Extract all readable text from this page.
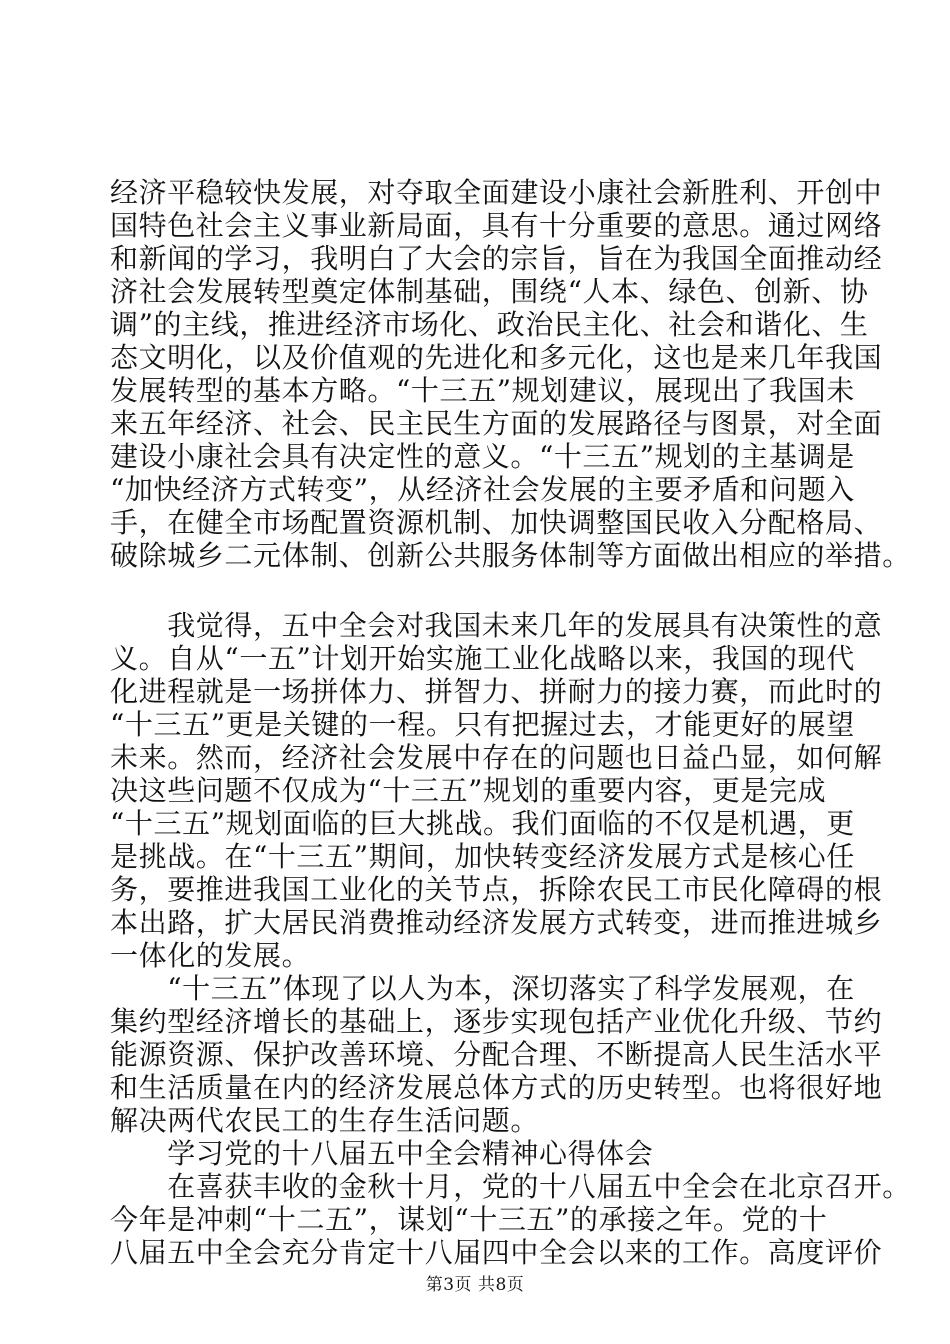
经济平稳较快发展，对夺取全面建设小康社会新胜利、开创中
国特色社会主义事业新局面，具有十分重要的意思。通过网络
和新闻的学习，我明白了大会的宗旨，旨在为我国全面推动经
济社会发展转型奠定体制基础，围绕“人本、绿色、创新、协
调”的主线，推进经济市场化、政治民主化、社会和谐化、生
态文明化，以及价值观的先进化和多元化，这也是来几年我国
发展转型的基本方略。“十三五”规划建议，展现出了我国未
来五年经济、社会、民主民生方面的发展路径与图景，对全面
建设小康社会具有决定性的意义。“十三五”规划的主基调是
“加快经济方式转变”，从经济社会发展的主要矛盾和问题入
手，在健全市场配置资源机制、加快调整国民收入分配格局、
破除城乡二元体制、创新公共服务体制等方面做出相应的举措。
　　我觉得，五中全会对我国未来几年的发展具有决策性的意
义。自从“一五”计划开始实施工业化战略以来，我国的现代
化进程就是一场拼体力、拼智力、拼耐力的接力赛，而此时的
“十三五”更是关键的一程。只有把握过去，才能更好的展望
未来。然而，经济社会发展中存在的问题也日益凸显，如何解
决这些问题不仅成为“十三五”规划的重要内容，更是完成
“十三五”规划面临的巨大挑战。我们面临的不仅是机遇，更
是挑战。在“十三五”期间，加快转变经济发展方式是核心任
务，要推进我国工业化的关节点，拆除农民工市民化障碍的根
本出路，扩大居民消费推动经济发展方式转变，进而推进城乡
一体化的发展。
　　“十三五”体现了以人为本，深切落实了科学发展观，在
集约型经济增长的基础上，逐步实现包括产业优化升级、节约
能源资源、保护改善环境、分配合理、不断提高人民生活水平
和生活质量在内的经济发展总体方式的历史转型。也将很好地
解决两代农民工的生存生活问题。
　　学习党的十八届五中全会精神心得体会
　　在喜获丰收的金秋十月，党的十八届五中全会在北京召开。
今年是冲刺“十二五”，谋划“十三五”的承接之年。党的十
八届五中全会充分肯定十八届四中全会以来的工作。高度评价
第3页 共8页
